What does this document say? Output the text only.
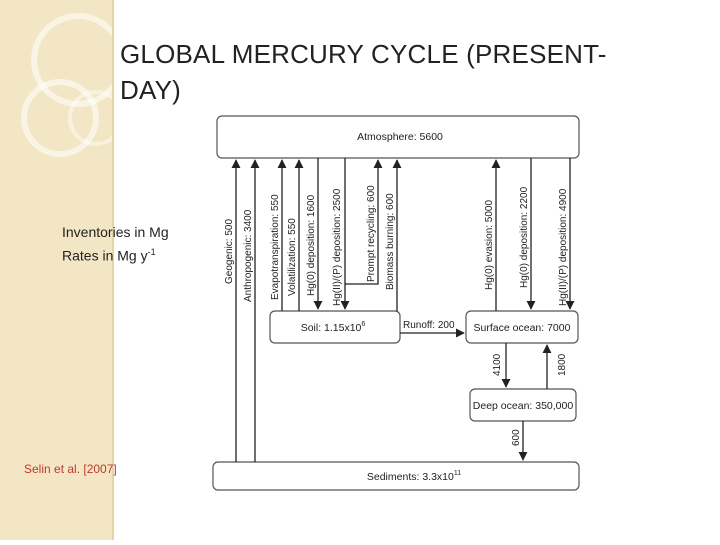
GLOBAL MERCURY CYCLE (PRESENT-
DAY)
Inventories in Mg
Rates in Mg $y^{-1}$
Selin et al. [2007]
Atmosphere: 5600
Soil: $1.15x10^6$	Surface ocean: 7000
Deep ocean: 350,000
Sediments: $3.3x10^{11}$
Geogenic: 500 Anthropogenic: 3400 Evapotranspiration: 550 Volatilization: 550 Hg(0) deposition: 1600 Hg(II)/(P) deposition: 2500 Prompt recycling: 600 Biomass burning: 600	Hg(0) evasion: 5000 Hg(0) deposition: 2200	Hg(II)/(P) deposition: 4900
Runoff: 200
4100	1800
600
